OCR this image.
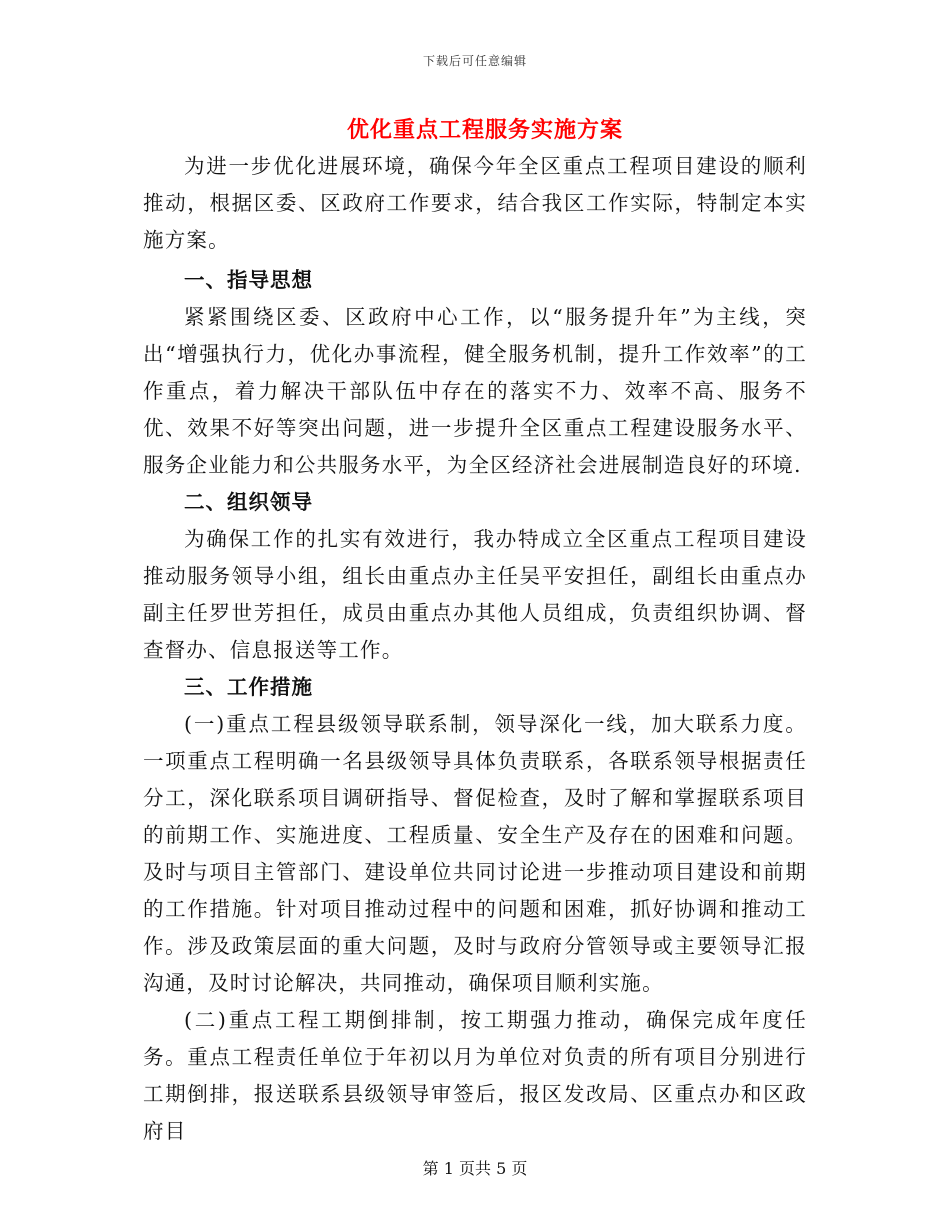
下载后可任意编辑
优化重点工程服务实施方案

为进一步优化进展环境，确保今年全区重点工程项目建设的顺利推动，根据区委、区政府工作要求，结合我区工作实际，特制定本实施方案。

一、指导思想

紧紧围绕区委、区政府中心工作，以“服务提升年”为主线，突出“增强执行力，优化办事流程，健全服务机制，提升工作效率”的工作重点，着力解决干部队伍中存在的落实不力、效率不高、服务不优、效果不好等突出问题，进一步提升全区重点工程建设服务水平、服务企业能力和公共服务水平，为全区经济社会进展制造良好的环境.

二、组织领导

为确保工作的扎实有效进行，我办特成立全区重点工程项目建设推动服务领导小组，组长由重点办主任吴平安担任，副组长由重点办副主任罗世芳担任，成员由重点办其他人员组成，负责组织协调、督查督办、信息报送等工作。

三、工作措施

(一)重点工程县级领导联系制，领导深化一线，加大联系力度。一项重点工程明确一名县级领导具体负责联系，各联系领导根据责任分工，深化联系项目调研指导、督促检查，及时了解和掌握联系项目的前期工作、实施进度、工程质量、安全生产及存在的困难和问题。及时与项目主管部门、建设单位共同讨论进一步推动项目建设和前期的工作措施。针对项目推动过程中的问题和困难，抓好协调和推动工作。涉及政策层面的重大问题，及时与政府分管领导或主要领导汇报沟通，及时讨论解决，共同推动，确保项目顺利实施。

(二)重点工程工期倒排制，按工期强力推动，确保完成年度任务。重点工程责任单位于年初以月为单位对负责的所有项目分别进行工期倒排，报送联系县级领导审签后，报区发改局、区重点办和区政府目

第 1 页共 5 页
